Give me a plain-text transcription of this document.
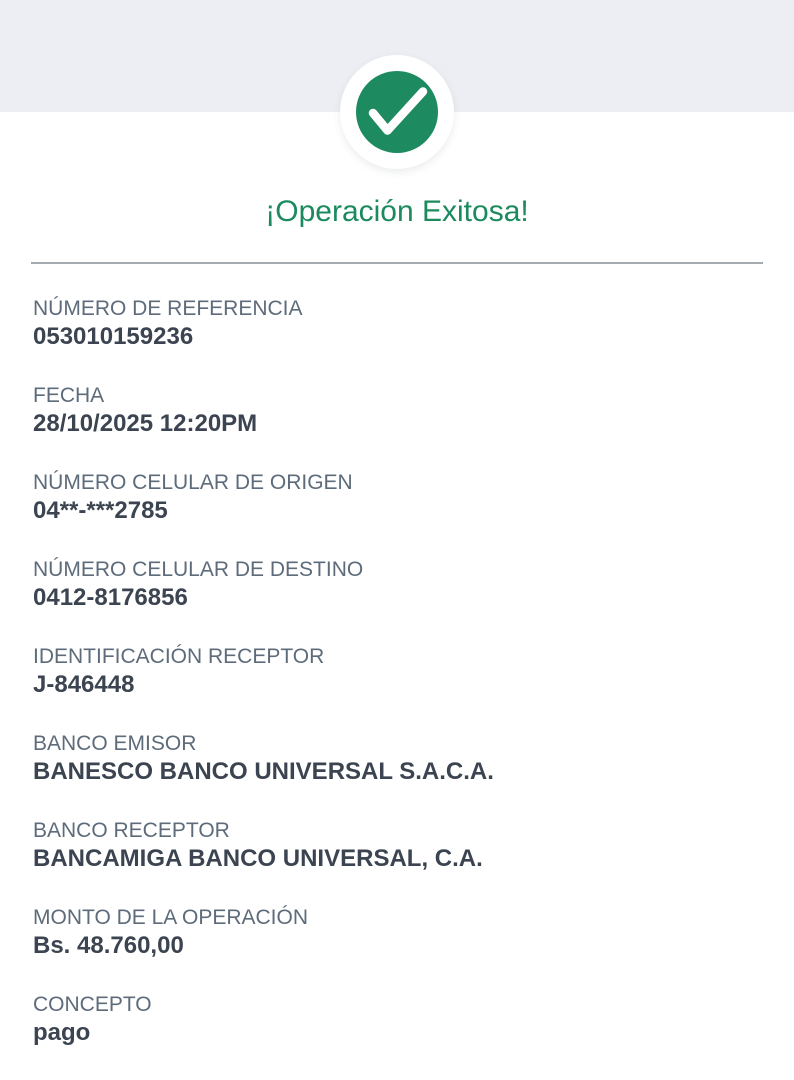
¡Operación Exitosa!
NÚMERO DE REFERENCIA
053010159236
FECHA
28/10/2025 12:20PM
NÚMERO CELULAR DE ORIGEN
04**-***2785
NÚMERO CELULAR DE DESTINO
0412-8176856
IDENTIFICACIÓN RECEPTOR
J-846448
BANCO EMISOR
BANESCO BANCO UNIVERSAL S.A.C.A.
BANCO RECEPTOR
BANCAMIGA BANCO UNIVERSAL, C.A.
MONTO DE LA OPERACIÓN
Bs. 48.760,00
CONCEPTO
pago
